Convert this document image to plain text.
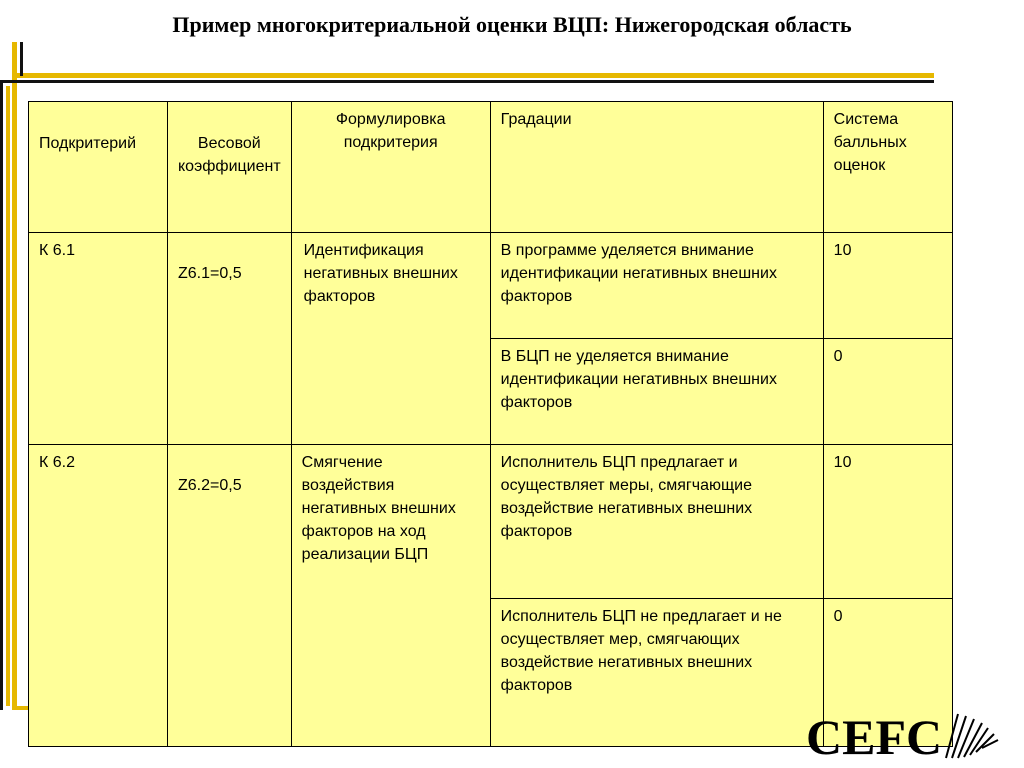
Пример многокритериальной оценки ВЦП: Нижегородская область
Подкритерий	Весовой коэффициент	Формулировка подкритерия	Градации	Система балльных оценок
К 6.1	Z6.1=0,5	Идентификация негативных внешних факторов	В программе уделяется внимание идентификации негативных внешних факторов	10
			В БЦП не уделяется внимание идентификации негативных внешних факторов	0
К 6.2	Z6.2=0,5	Смягчение воздействия негативных внешних факторов на ход реализации БЦП	Исполнитель БЦП предлагает и осуществляет меры, смягчающие воздействие негативных внешних факторов	10
			Исполнитель БЦП не предлагает и не осуществляет мер, смягчающих воздействие негативных внешних факторов	0
CEFC
